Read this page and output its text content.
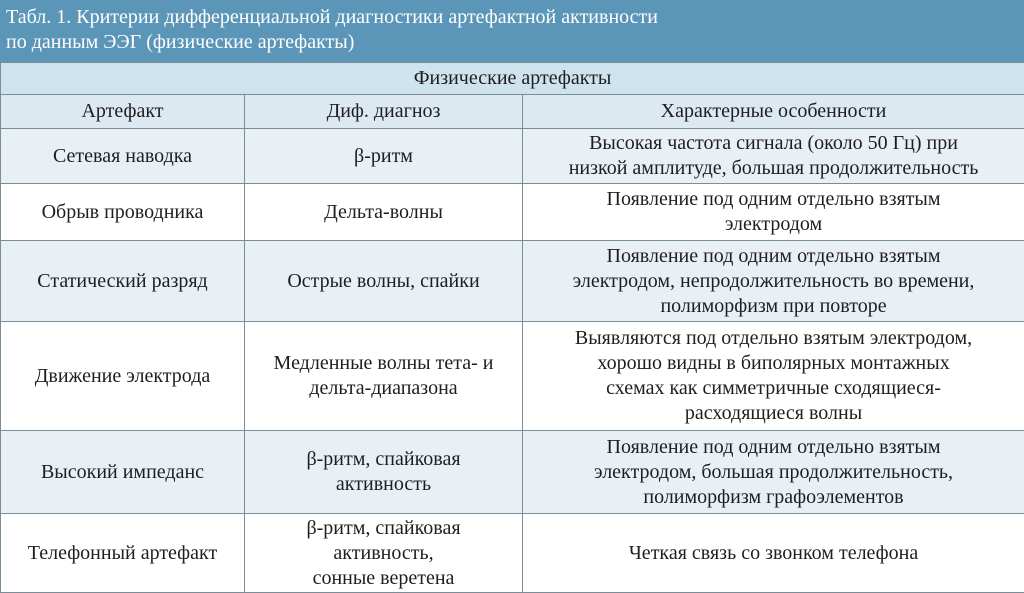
Табл. 1. Критерии дифференциальной диагностики артефактной активности
по данным ЭЭГ (физические артефакты)
Физические артефакты		
Артефакт	Диф. диагноз	Характерные особенности
Сетевая наводка	β-ритм	Высокая частота сигнала (около 50 Гц) при
низкой амплитуде, большая продолжительность

Обрыв проводника	Дельта-волны	Появление под одним отдельно взятым
электродом

Статический разряд	Острые волны, спайки	Появление под одним отдельно взятым
электродом, непродолжительность во времени,
полиморфизм при повторе

Движение электрода	Медленные волны тета- и
дельта-диапазона	Выявляются под отдельно взятым электродом,
хорошо видны в биполярных монтажных
схемах как симметричные сходящиеся-
расходящиеся волны

Высокий импеданс	β-ритм, спайковая
активность	Появление под одним отдельно взятым
электродом, большая продолжительность,
полиморфизм графоэлементов

Телефонный артефакт	β-ритм, спайковая
активность,
сонные веретена	Четкая связь со звонком телефона
